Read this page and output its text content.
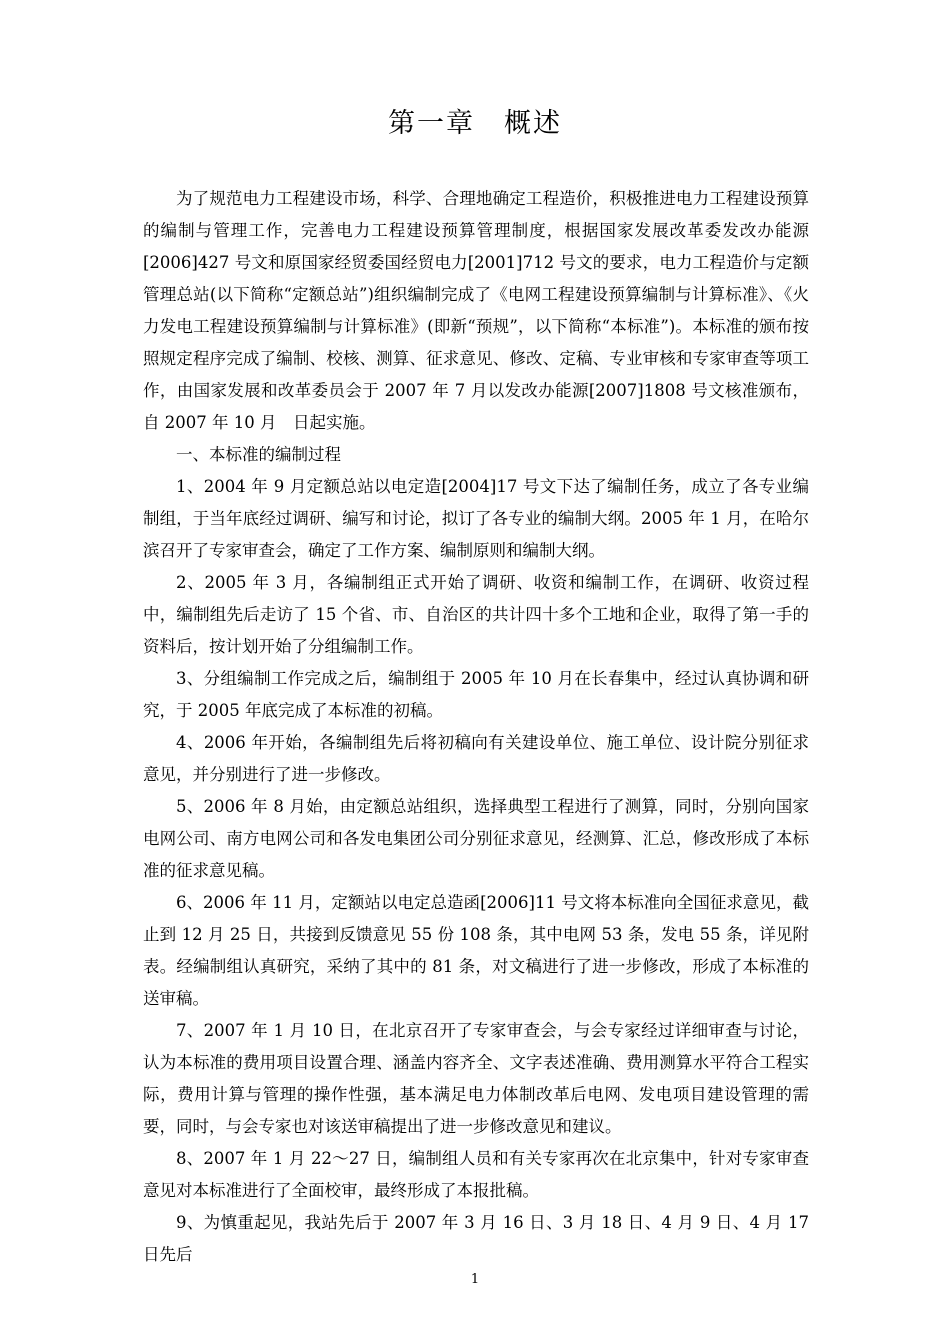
第一章　概述

为了规范电力工程建设市场，科学、合理地确定工程造价，积极推进电力工程建设预算的编制与管理工作，完善电力工程建设预算管理制度，根据国家发展改革委发改办能源[2006]427 号文和原国家经贸委国经贸电力[2001]712 号文的要求，电力工程造价与定额管理总站(以下简称“定额总站”)组织编制完成了《电网工程建设预算编制与计算标准》、《火力发电工程建设预算编制与计算标准》(即新“预规”，以下简称“本标准”)。本标准的颁布按照规定程序完成了编制、校核、测算、征求意见、修改、定稿、专业审核和专家审查等项工作，由国家发展和改革委员会于 2007 年 7 月以发改办能源[2007]1808 号文核准颁布，自 2007 年 10 月　日起实施。

一、本标准的编制过程

1、2004 年 9 月定额总站以电定造[2004]17 号文下达了编制任务，成立了各专业编制组，于当年底经过调研、编写和讨论，拟订了各专业的编制大纲。2005 年 1 月，在哈尔滨召开了专家审查会，确定了工作方案、编制原则和编制大纲。

2、2005 年 3 月，各编制组正式开始了调研、收资和编制工作，在调研、收资过程中，编制组先后走访了 15 个省、市、自治区的共计四十多个工地和企业，取得了第一手的资料后，按计划开始了分组编制工作。

3、分组编制工作完成之后，编制组于 2005 年 10 月在长春集中，经过认真协调和研究，于 2005 年底完成了本标准的初稿。

4、2006 年开始，各编制组先后将初稿向有关建设单位、施工单位、设计院分别征求意见，并分别进行了进一步修改。

5、2006 年 8 月始，由定额总站组织，选择典型工程进行了测算，同时，分别向国家电网公司、南方电网公司和各发电集团公司分别征求意见，经测算、汇总，修改形成了本标准的征求意见稿。

6、2006 年 11 月，定额站以电定总造函[2006]11 号文将本标准向全国征求意见，截止到 12 月 25 日，共接到反馈意见 55 份 108 条，其中电网 53 条，发电 55 条，详见附表。经编制组认真研究，采纳了其中的 81 条，对文稿进行了进一步修改，形成了本标准的送审稿。

7、2007 年 1 月 10 日，在北京召开了专家审查会，与会专家经过详细审查与讨论，认为本标准的费用项目设置合理、涵盖内容齐全、文字表述准确、费用测算水平符合工程实际，费用计算与管理的操作性强，基本满足电力体制改革后电网、发电项目建设管理的需要，同时，与会专家也对该送审稿提出了进一步修改意见和建议。

8、2007 年 1 月 22～27 日，编制组人员和有关专家再次在北京集中，针对专家审查意见对本标准进行了全面校审，最终形成了本报批稿。

9、为慎重起见，我站先后于 2007 年 3 月 16 日、3 月 18 日、4 月 9 日、4 月 17 日先后

1
